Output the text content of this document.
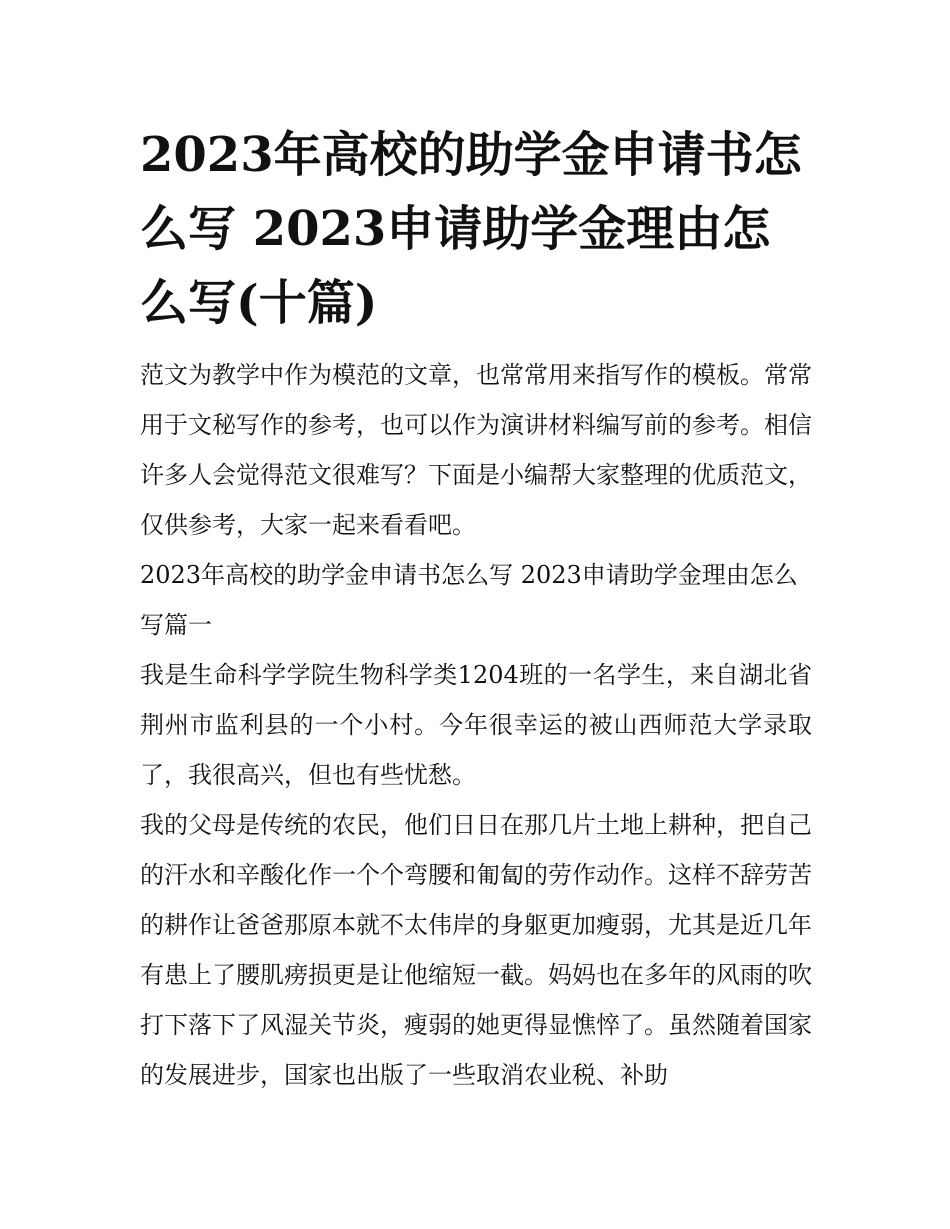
2023年高校的助学金申请书怎么写 2023申请助学金理由怎么写(十篇)

范文为教学中作为模范的文章，也常常用来指写作的模板。常常用于文秘写作的参考，也可以作为演讲材料编写前的参考。相信许多人会觉得范文很难写？下面是小编帮大家整理的优质范文，仅供参考，大家一起来看看吧。

2023年高校的助学金申请书怎么写 2023申请助学金理由怎么写篇一

我是生命科学学院生物科学类1204班的一名学生，来自湖北省荆州市监利县的一个小村。今年很幸运的被山西师范大学录取了，我很高兴，但也有些忧愁。

我的父母是传统的农民，他们日日在那几片土地上耕种，把自己的汗水和辛酸化作一个个弯腰和匍匐的劳作动作。这样不辞劳苦的耕作让爸爸那原本就不太伟岸的身躯更加瘦弱，尤其是近几年有患上了腰肌痨损更是让他缩短一截。妈妈也在多年的风雨的吹打下落下了风湿关节炎，瘦弱的她更得显憔悴了。虽然随着国家的发展进步，国家也出版了一些取消农业税、补助
